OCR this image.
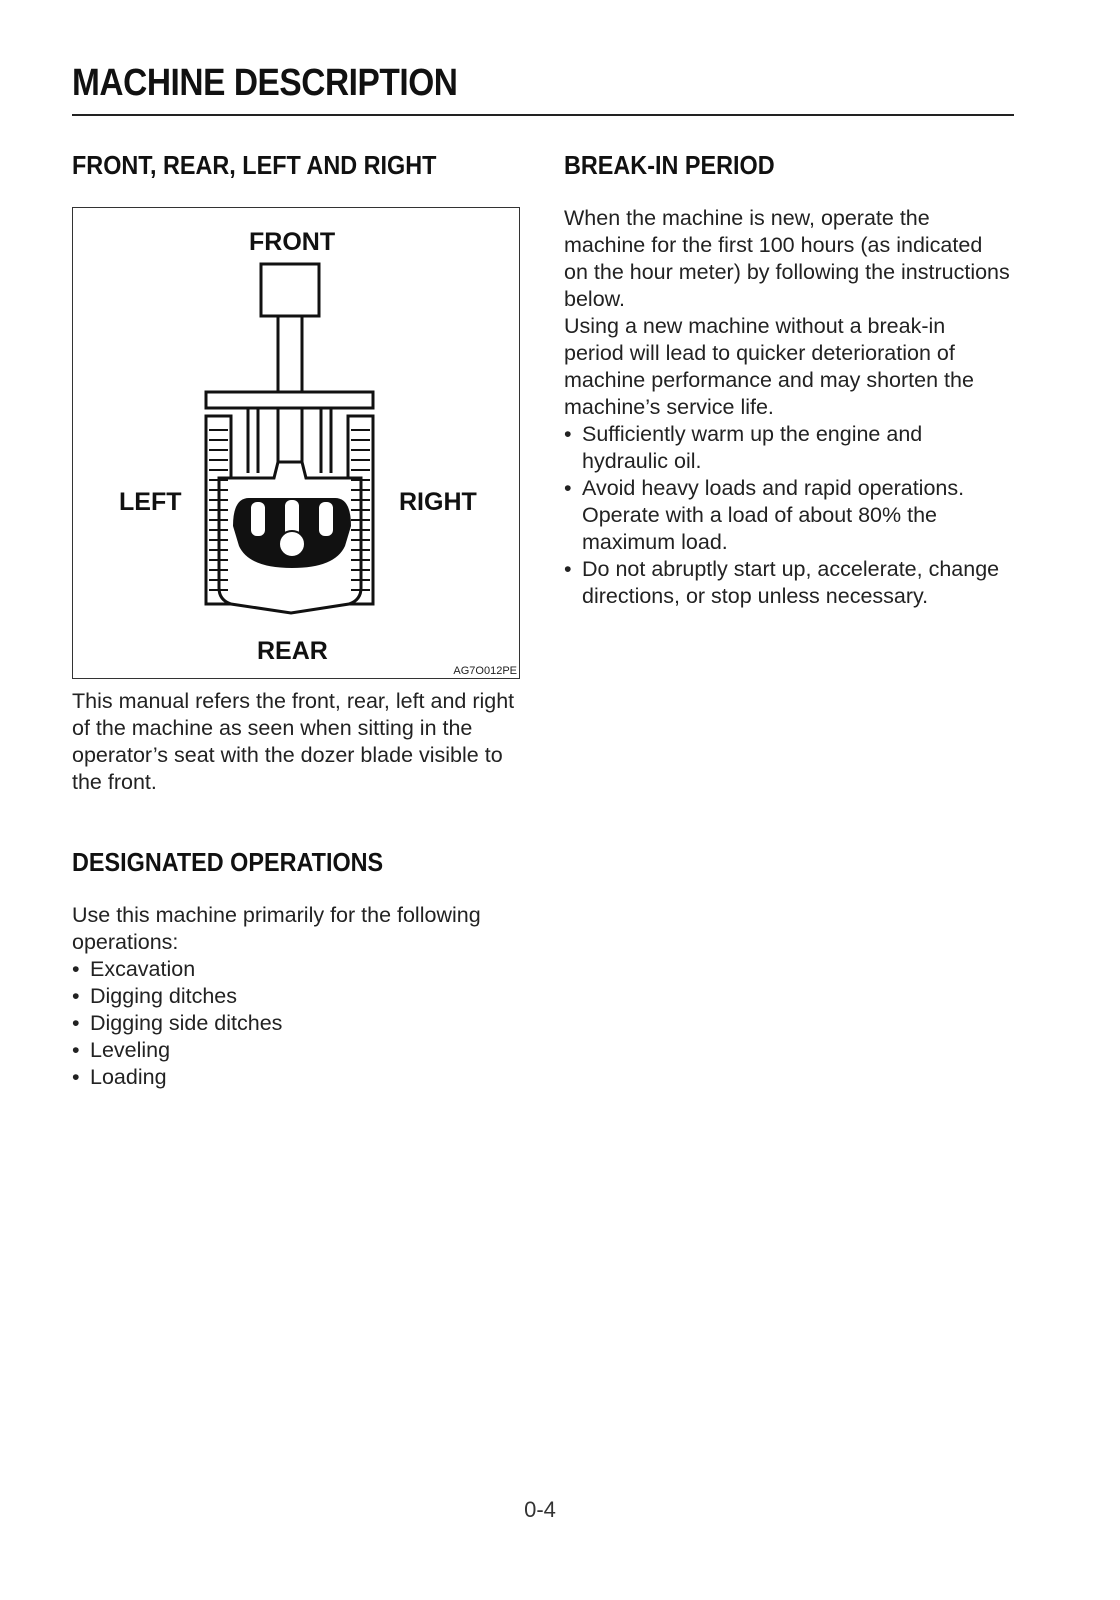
MACHINE DESCRIPTION
FRONT, REAR, LEFT AND RIGHT
FRONT
LEFT	RIGHT
REAR
AG7O012PE

This manual refers the front, rear, left and right of the machine as seen when sitting in the operator’s seat with the dozer blade visible to the front.

DESIGNATED OPERATIONS

Use this machine primarily for the following operations:

• Excavation
• Digging ditches
• Digging side ditches
• Leveling
• Loading
BREAK-IN PERIOD

When the machine is new, operate the machine for the first 100 hours (as indicated on the hour meter) by following the instructions below.

Using a new machine without a break-in period will lead to quicker deterioration of machine performance and may shorten the machine’s service life.

• Sufficiently warm up the engine and hydraulic oil.
• Avoid heavy loads and rapid operations. Operate with a load of about 80% the maximum load.
• Do not abruptly start up, accelerate, change directions, or stop unless necessary.
0-4
